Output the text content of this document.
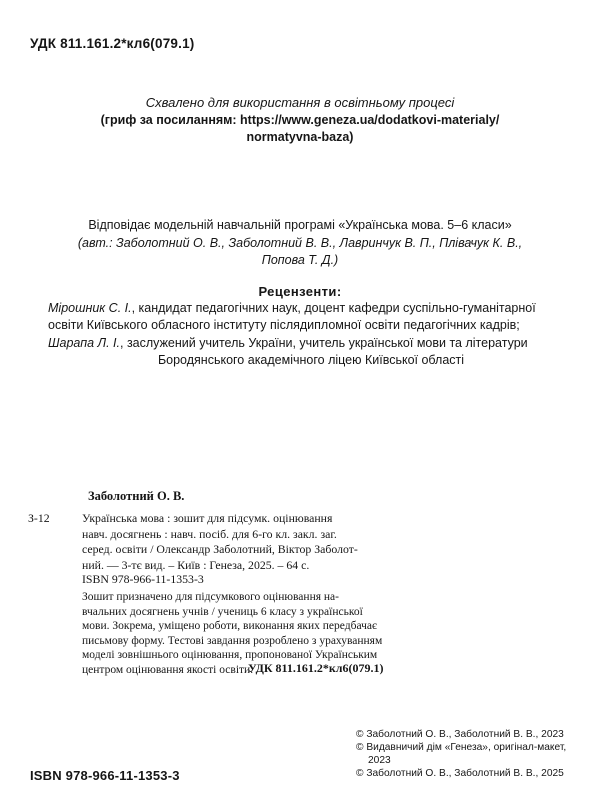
УДК 811.161.2*кл6(079.1)
Схвалено для використання в освітньому процесі
(гриф за посиланням: https://www.geneza.ua/dodatkovi-materialy/
normatyvna-baza)
Відповідає модельній навчальній програмі «Українська мова. 5–6 класи»
(авт.: Заболотний О. В., Заболотний В. В., Лавринчук В. П., Плівачук К. В.,
Попова Т. Д.)
Рецензенти:
Мірошник С. І., кандидат педагогічних наук, доцент кафедри суспільно-гуманітарної
освіти Київського обласного інституту післядипломної освіти педагогічних кадрів;
Шарапа Л. І., заслужений учитель України, учитель української мови та літератури
Бородянського академічного ліцею Київської області
Заболотний О. В.
З-12	Українська мова : зошит для підсумк. оцінювання
навч. досягнень : навч. посіб. для 6-го кл. закл. заг.
серед. освіти / Олександр Заболотний, Віктор Заболот-
ний. — 3-тє вид. – Київ : Генеза, 2025. – 64 с.
ISBN 978-966-11-1353-3
Зошит призначено для підсумкового оцінювання на-
вчальних досягнень учнів / учениць 6 класу з української
мови. Зокрема, уміщено роботи, виконання яких передбачає
письмову форму. Тестові завдання розроблено з урахуванням
моделі зовнішнього оцінювання, пропонованої Українським
центром оцінювання якості освіти.
УДК 811.161.2*кл6(079.1)
© Заболотний О. В., Заболотний В. В., 2023
© Видавничий дім «Генеза», оригінал-макет,
2023
© Заболотний О. В., Заболотний В. В., 2025
ISBN 978-966-11-1353-3
